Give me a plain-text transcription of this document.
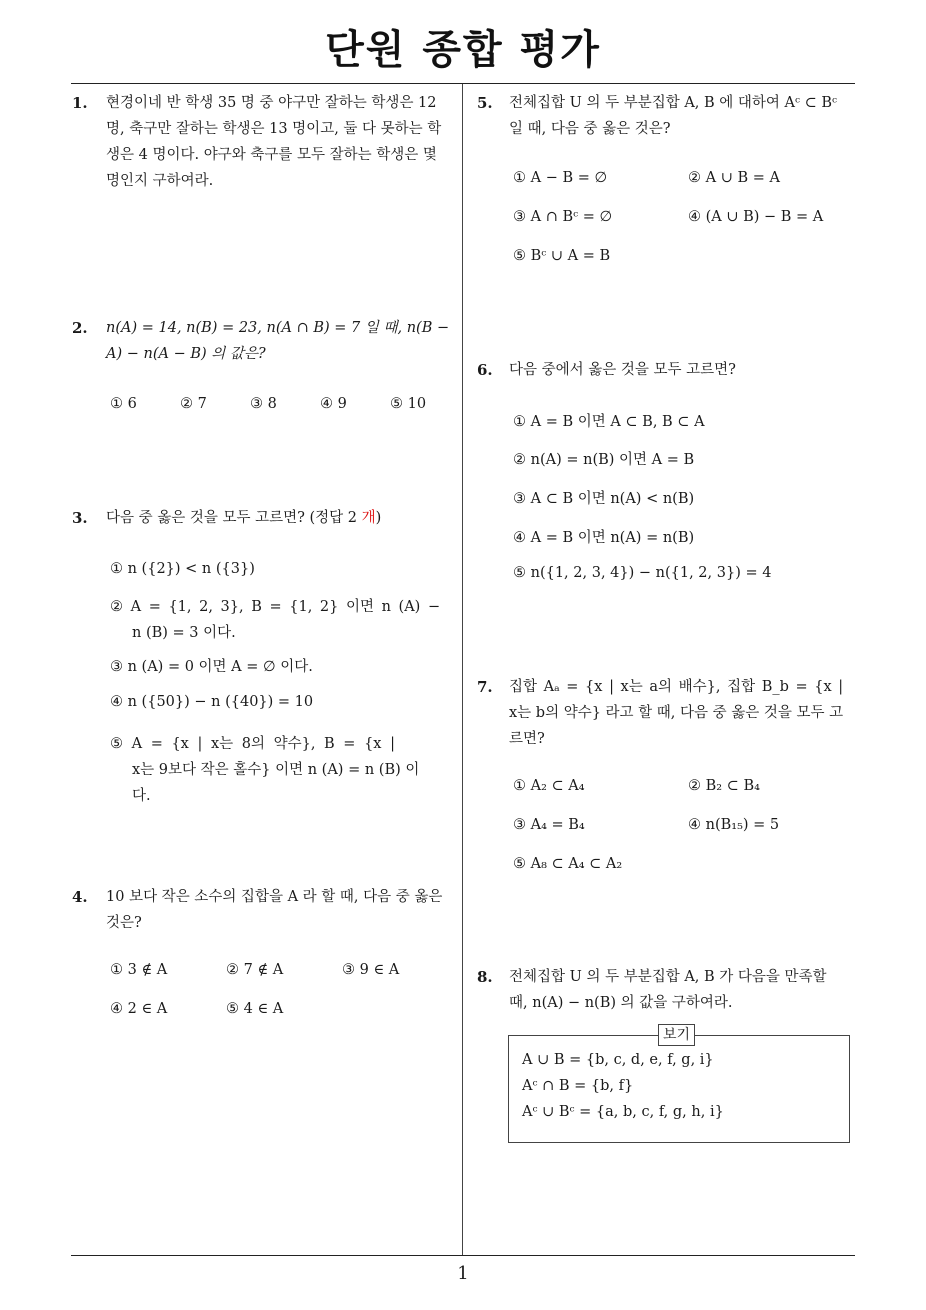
단원 종합 평가
1
1. 현경이네 반 학생 35 명 중 야구만 잘하는 학생은 12
명, 축구만 잘하는 학생은 13 명이고, 둘 다 못하는 학
생은 4 명이다. 야구와 축구를 모두 잘하는 학생은 몇
명인지 구하여라.
2. n(A) = 14, n(B) = 23, n(A ∩ B) = 7 일 때, n(B −
A) − n(A − B) 의 값은?
① 6	② 7	③ 8	④ 9	⑤ 10
3. 다음 중 옳은 것을 모두 고르면? (정답 2 개)
① n ({2}) < n ({3})
② A = {1, 2, 3}, B = {1, 2} 이면 n (A) −
n (B) = 3 이다.
③ n (A) = 0 이면 A = ∅ 이다.
④ n ({50}) − n ({40}) = 10
⑤ A = {x | x는 8의 약수}, B = {x |
x는 9보다 작은 홀수} 이면 n (A) = n (B) 이
다.
4. 10 보다 작은 소수의 집합을 A 라 할 때, 다음 중 옳은
것은?
① 3 ∉ A	② 7 ∉ A	③ 9 ∈ A
④ 2 ∈ A	⑤ 4 ∈ A
5. 전체집합 U 의 두 부분집합 A, B 에 대하여 Aᶜ ⊂ Bᶜ
일 때, 다음 중 옳은 것은?
① A − B = ∅	② A ∪ B = A
③ A ∩ Bᶜ = ∅	④ (A ∪ B) − B = A
⑤ Bᶜ ∪ A = B
6. 다음 중에서 옳은 것을 모두 고르면?
① A = B 이면 A ⊂ B, B ⊂ A
② n(A) = n(B) 이면 A = B
③ A ⊂ B 이면 n(A) < n(B)
④ A = B 이면 n(A) = n(B)
⑤ n({1, 2, 3, 4}) − n({1, 2, 3}) = 4
7. 집합 Aₐ = {x | x는 a의 배수}, 집합 B_b = {x |
x는 b의 약수} 라고 할 때, 다음 중 옳은 것을 모두 고
르면?
① A₂ ⊂ A₄	② B₂ ⊂ B₄
③ A₄ = B₄	④ n(B₁₅) = 5
⑤ A₈ ⊂ A₄ ⊂ A₂
8. 전체집합 U 의 두 부분집합 A, B 가 다음을 만족할
때, n(A) − n(B) 의 값을 구하여라.
보기
A ∪ B = {b, c, d, e, f, g, i}
Aᶜ ∩ B = {b, f}
Aᶜ ∪ Bᶜ = {a, b, c, f, g, h, i}
